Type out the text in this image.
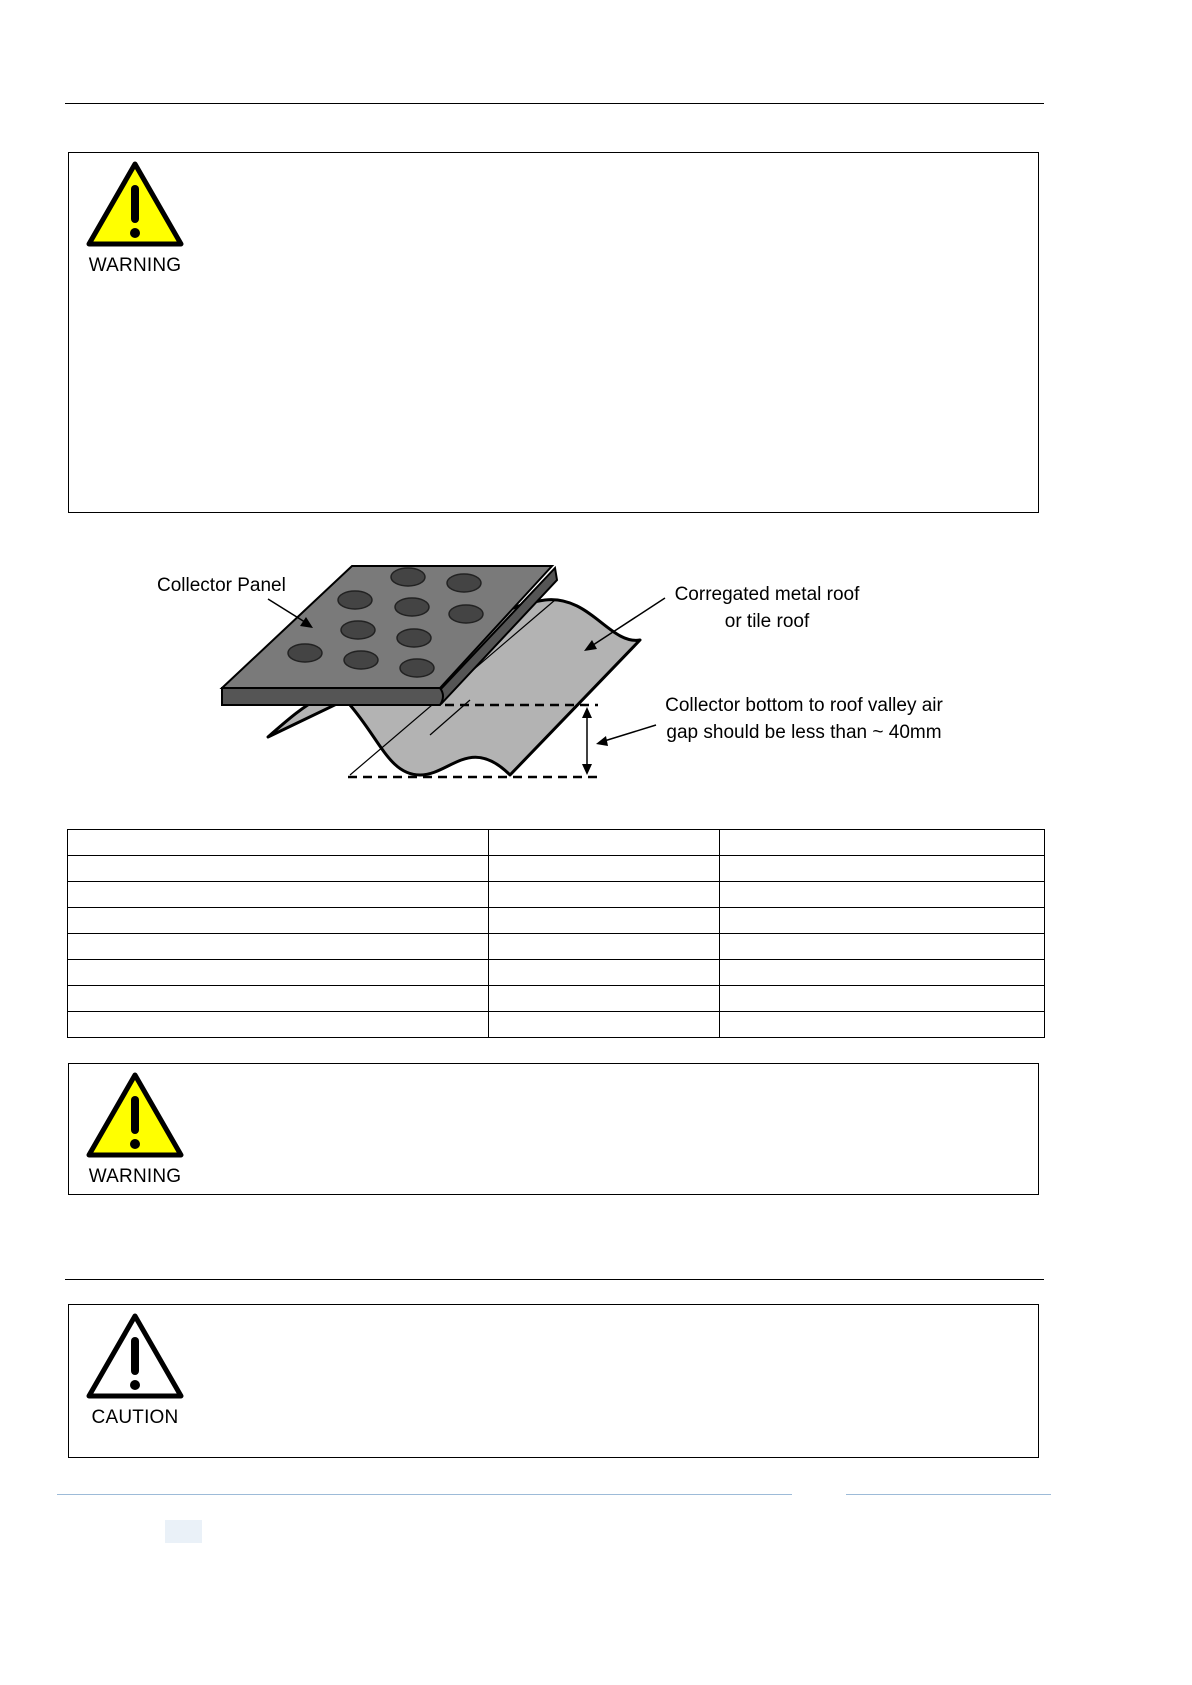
WARNING
Collector Panel	Corregated metal roof
or tile roof
Collector bottom to roof valley air
gap should be less than ~ 40mm

WARNING
CAUTION
